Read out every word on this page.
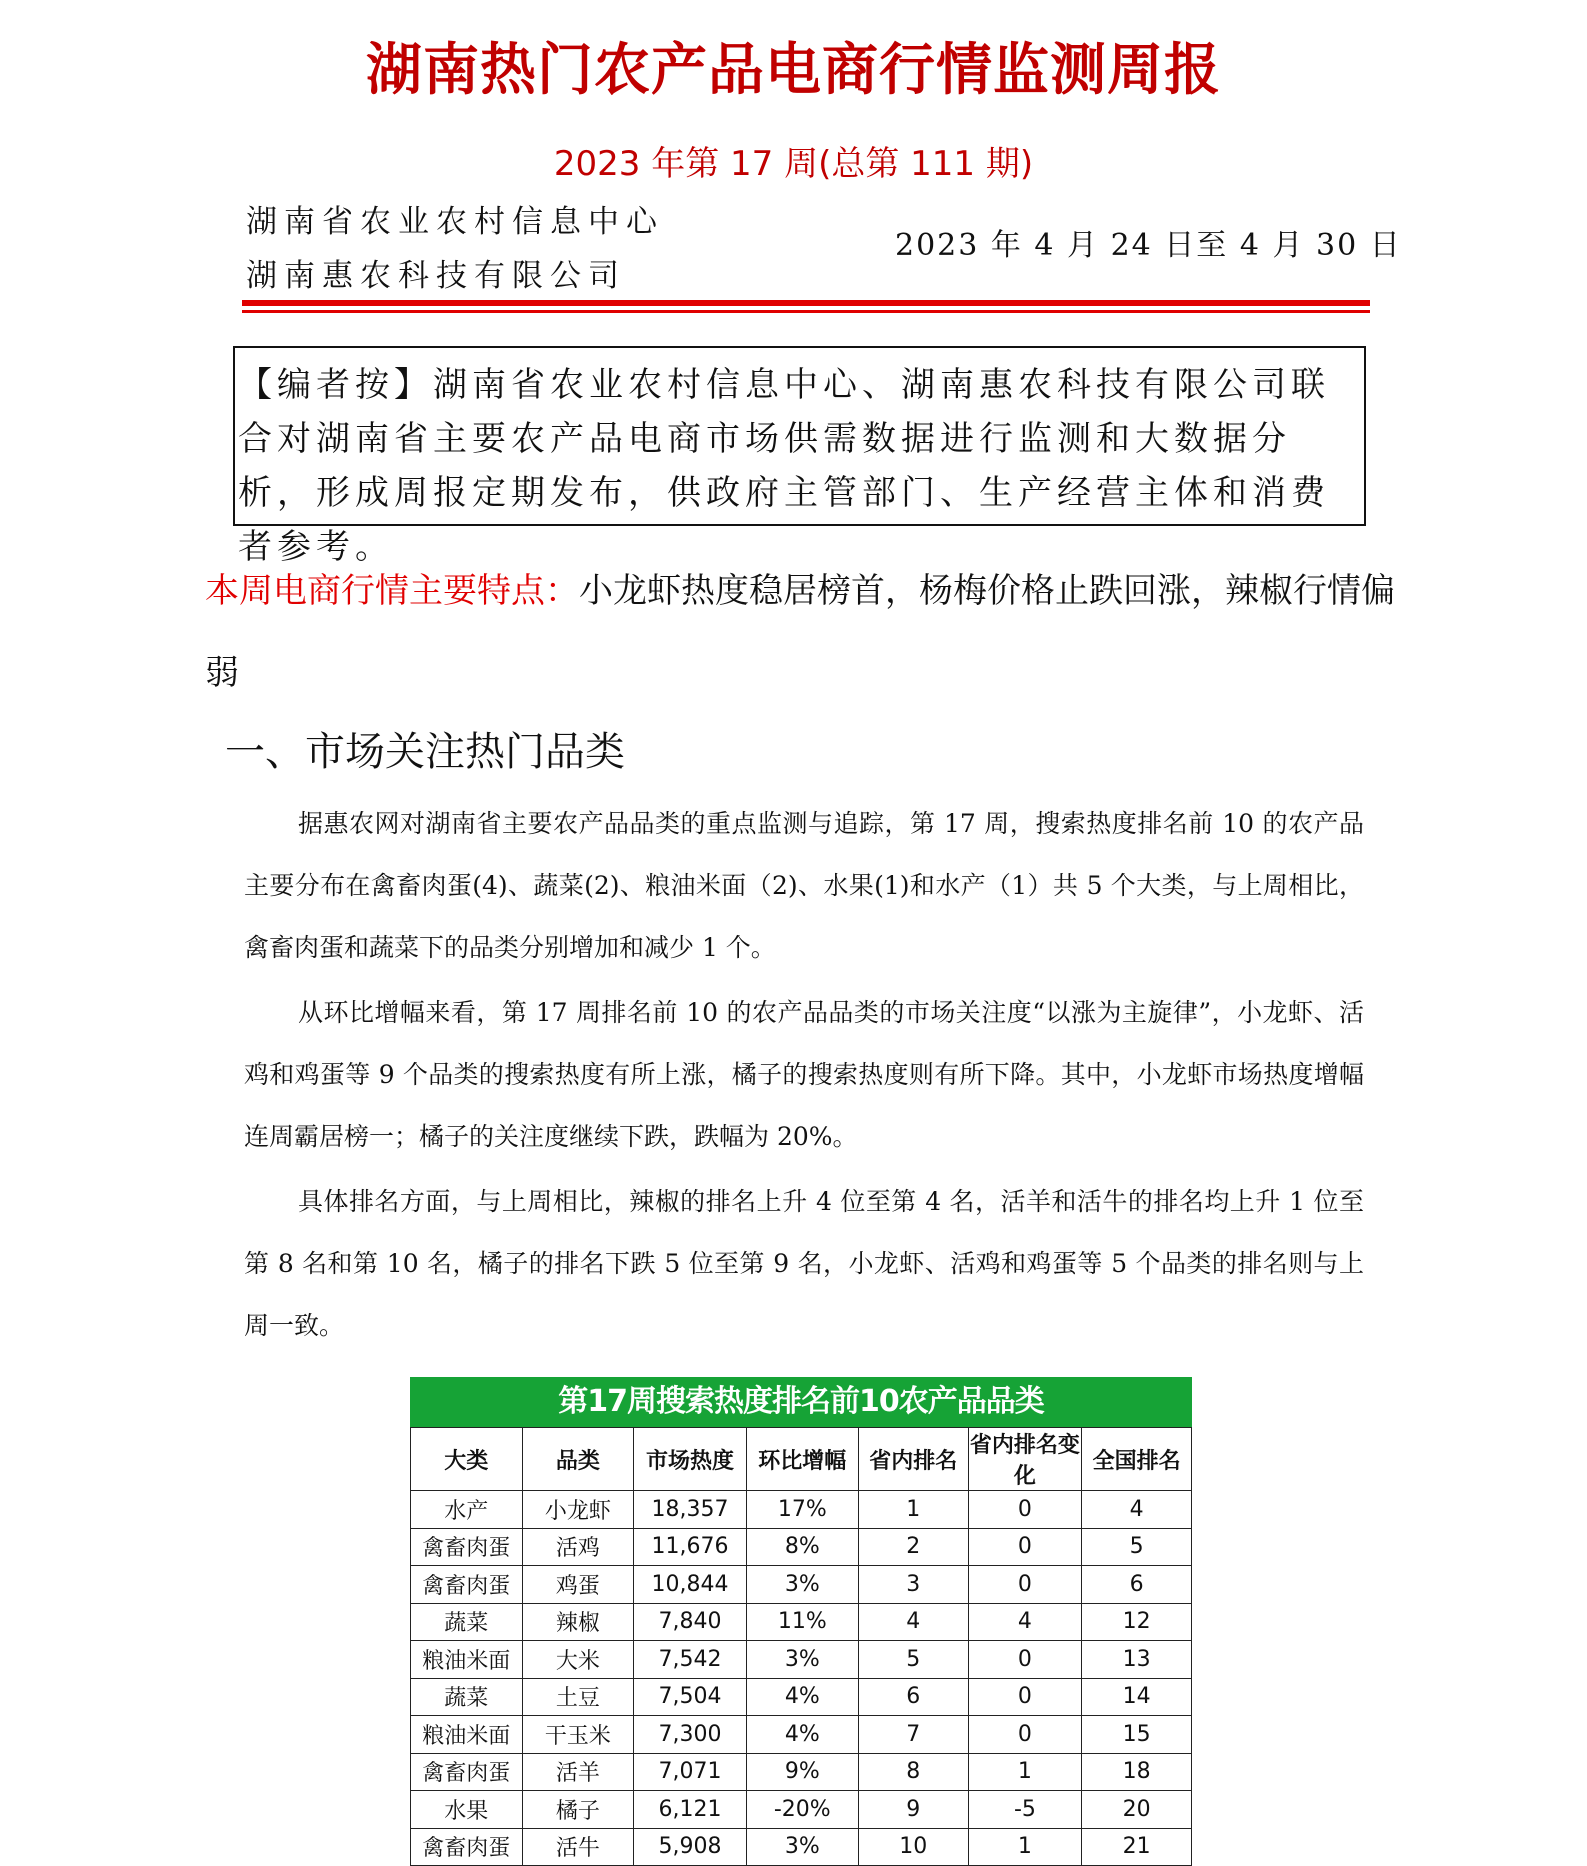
湖南热门农产品电商行情监测周报
2023 年第 17 周(总第 111 期)
湖南省农业农村信息中心
湖南惠农科技有限公司
2023 年 4 月 24 日至 4 月 30 日
【编者按】湖南省农业农村信息中心、湖南惠农科技有限公司联合对湖南省主要农产品电商市场供需数据进行监测和大数据分析，形成周报定期发布，供政府主管部门、生产经营主体和消费者参考。
本周电商行情主要特点：小龙虾热度稳居榜首，杨梅价格止跌回涨，辣椒行情偏弱
一、市场关注热门品类
据惠农网对湖南省主要农产品品类的重点监测与追踪，第 17 周，搜索热度排名前 10 的农产品主要分布在禽畜肉蛋(4)、蔬菜(2)、粮油米面（2)、水果(1)和水产（1）共 5 个大类，与上周相比，禽畜肉蛋和蔬菜下的品类分别增加和减少 1 个。
从环比增幅来看，第 17 周排名前 10 的农产品品类的市场关注度“以涨为主旋律”，小龙虾、活鸡和鸡蛋等 9 个品类的搜索热度有所上涨，橘子的搜索热度则有所下降。其中，小龙虾市场热度增幅连周霸居榜一；橘子的关注度继续下跌，跌幅为 20%。
具体排名方面，与上周相比，辣椒的排名上升 4 位至第 4 名，活羊和活牛的排名均上升 1 位至第 8 名和第 10 名，橘子的排名下跌 5 位至第 9 名，小龙虾、活鸡和鸡蛋等 5 个品类的排名则与上周一致。
第17周搜索热度排名前10农产品品类
大类	品类	市场热度	环比增幅	省内排名	省内排名变化	全国排名
水产	小龙虾	18,357	17%	1	0	4
禽畜肉蛋	活鸡	11,676	8%	2	0	5
禽畜肉蛋	鸡蛋	10,844	3%	3	0	6
蔬菜	辣椒	7,840	11%	4	4	12
粮油米面	大米	7,542	3%	5	0	13
蔬菜	土豆	7,504	4%	6	0	14
粮油米面	干玉米	7,300	4%	7	0	15
禽畜肉蛋	活羊	7,071	9%	8	1	18
水果	橘子	6,121	-20%	9	-5	20
禽畜肉蛋	活牛	5,908	3%	10	1	21
